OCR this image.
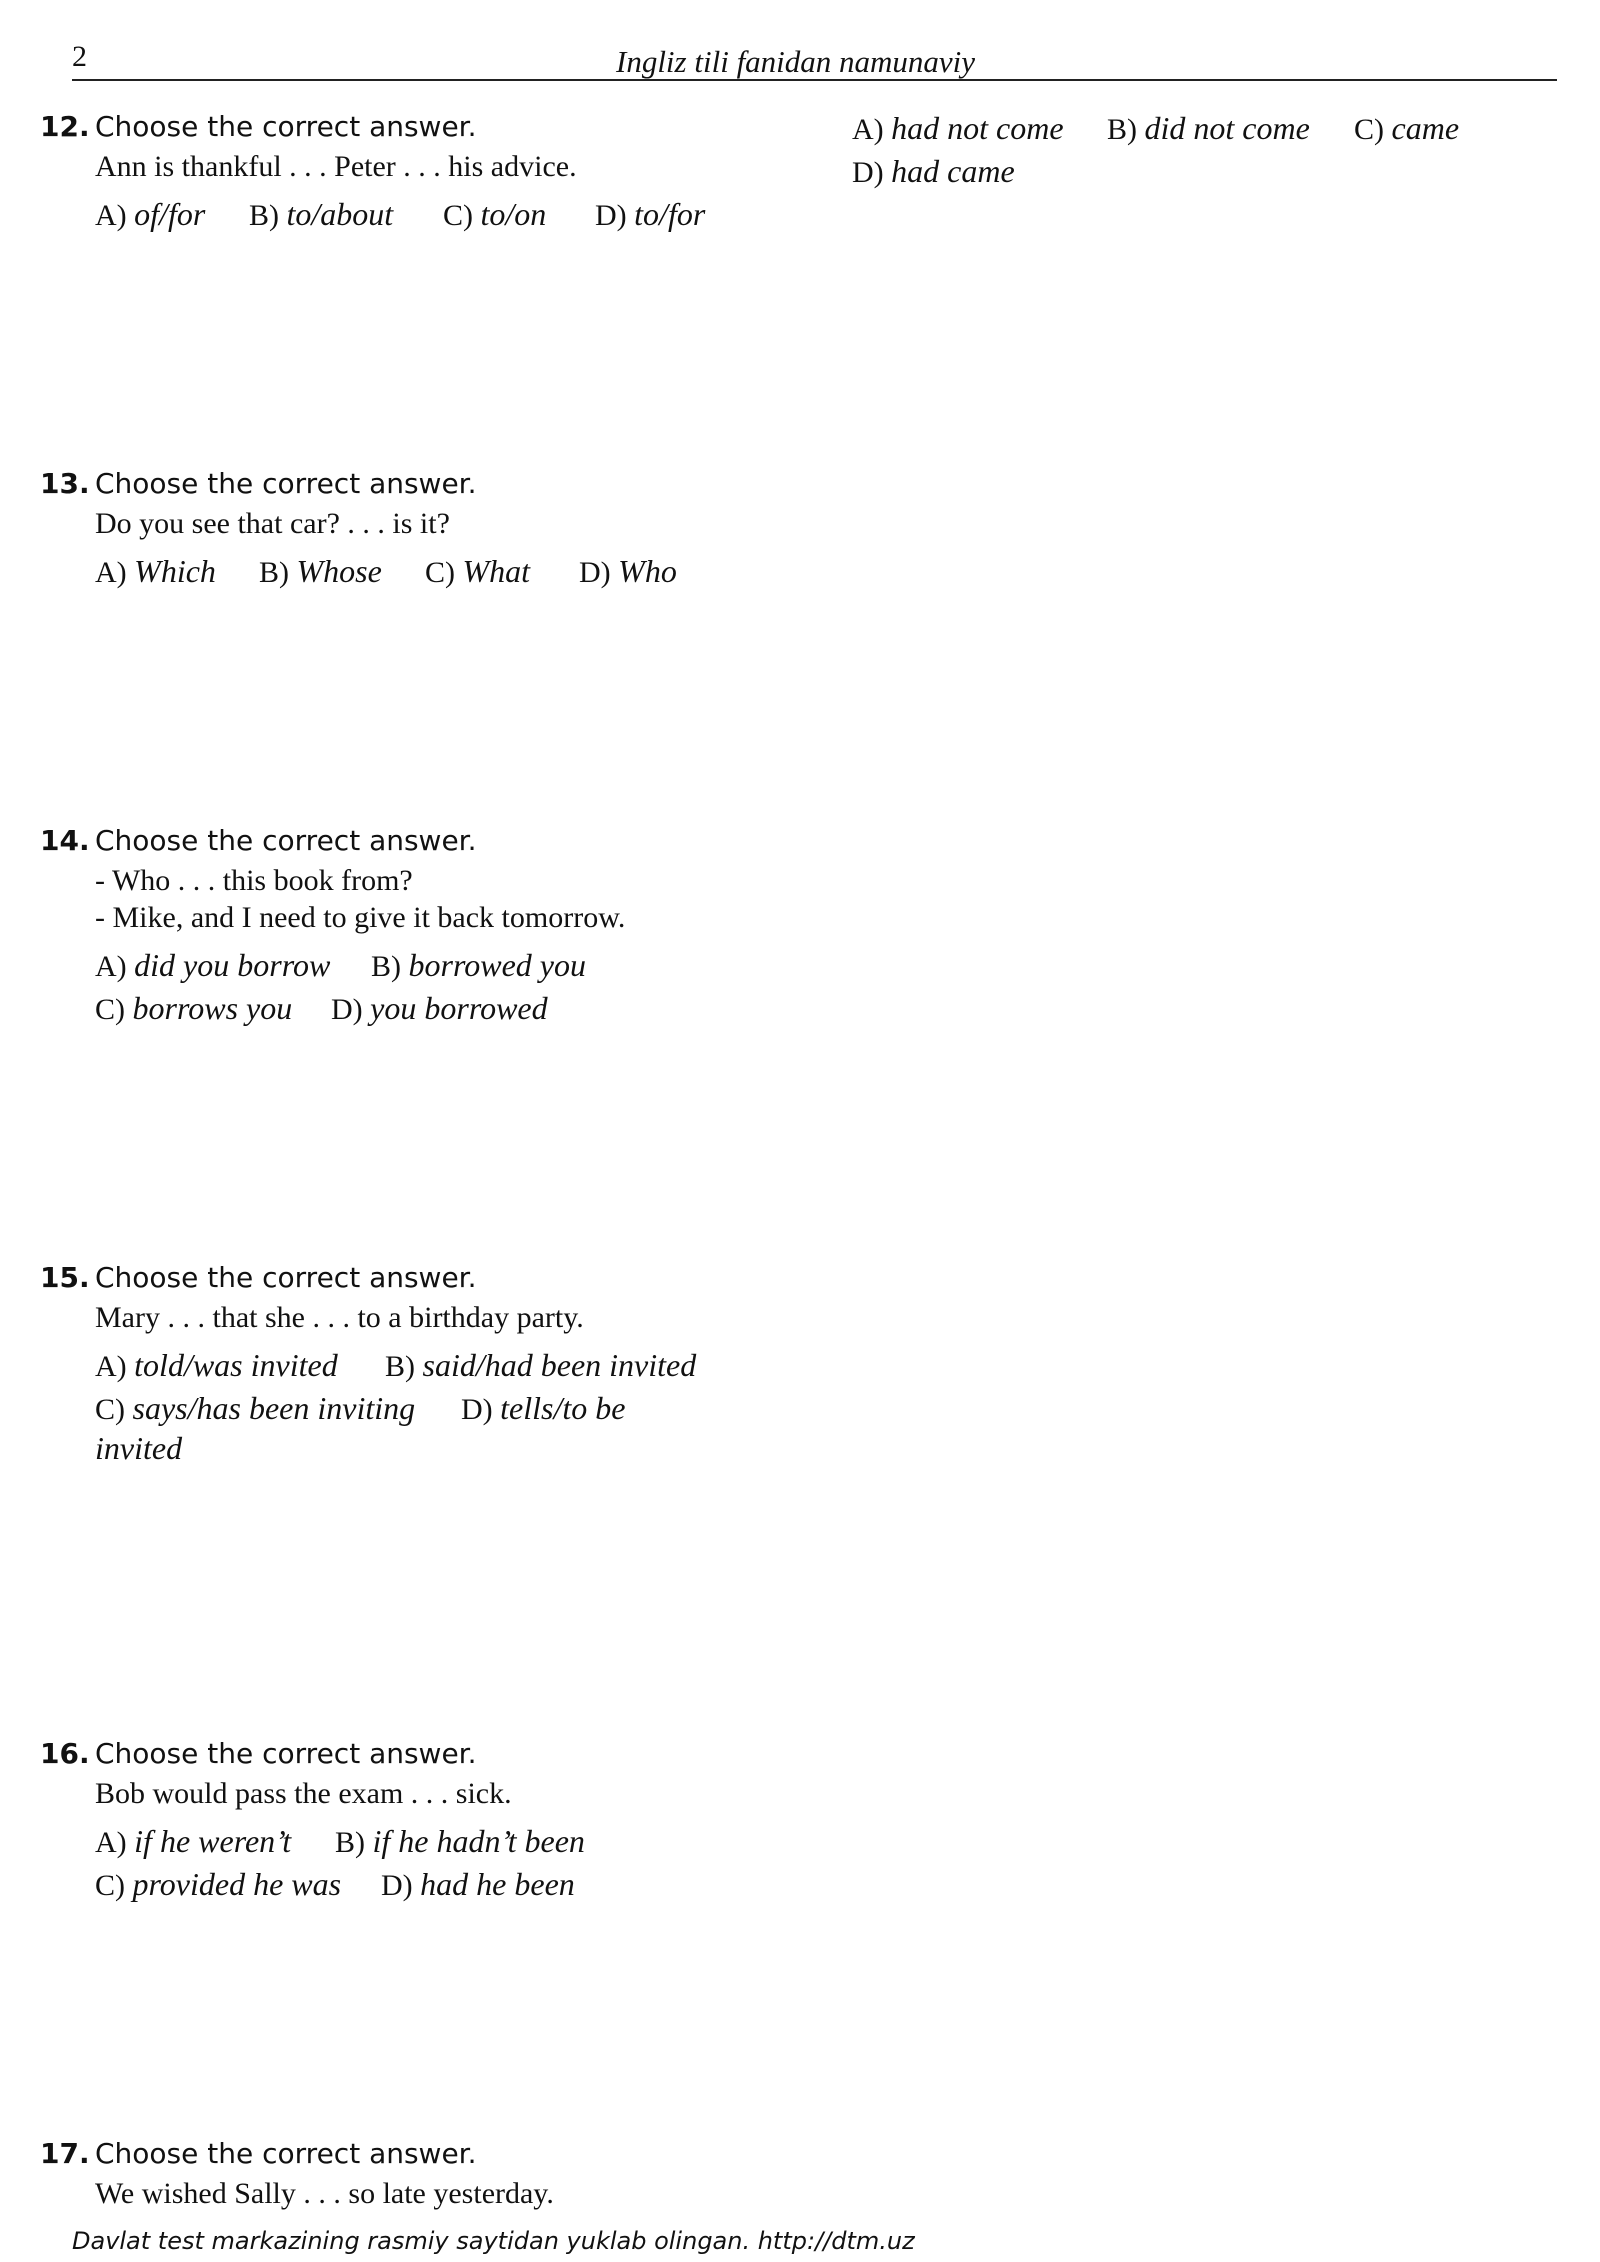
2	Ingliz tili fanidan namunaviy
12. Choose the correct answer.
Ann is thankful . . . Peter . . . his advice.
A) of/for B) to/about C) to/on D) to/for
A) had not come B) did not come C) came
D) had came
13. Choose the correct answer.
Do you see that car? . . . is it?
A) Which B) Whose C) What D) Who
14. Choose the correct answer.
- Who . . . this book from?
- Mike, and I need to give it back tomorrow.
A) did you borrow B) borrowed you
C) borrows you D) you borrowed
15. Choose the correct answer.
Mary . . . that she . . . to a birthday party.
A) told/was invited B) said/had been invited
C) says/has been inviting D) tells/to be
invited
16. Choose the correct answer.
Bob would pass the exam . . . sick.
A) if he weren’t B) if he hadn’t been
C) provided he was D) had he been
17. Choose the correct answer.
We wished Sally . . . so late yesterday.
Davlat test markazining rasmiy saytidan yuklab olingan. http://dtm.uz
